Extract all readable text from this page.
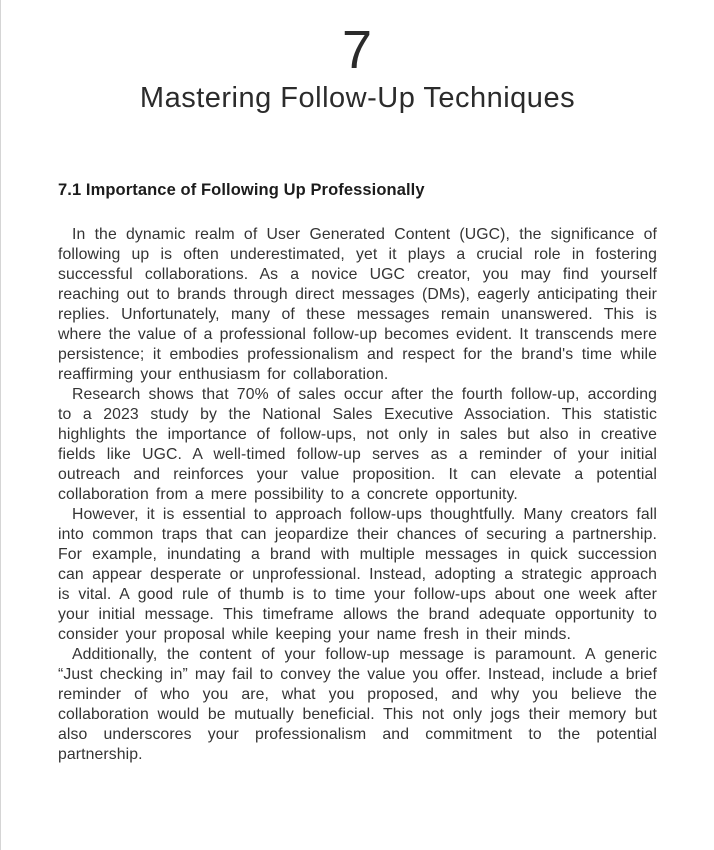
7
Mastering Follow-Up Techniques
7.1 Importance of Following Up Professionally

In the dynamic realm of User Generated Content (UGC), the significance of following up is often underestimated, yet it plays a crucial role in fostering successful collaborations. As a novice UGC creator, you may find yourself reaching out to brands through direct messages (DMs), eagerly anticipating their replies. Unfortunately, many of these messages remain unanswered. This is where the value of a professional follow-up becomes evident. It transcends mere persistence; it embodies professionalism and respect for the brand's time while reaffirming your enthusiasm for collaboration.

Research shows that 70% of sales occur after the fourth follow-up, according to a 2023 study by the National Sales Executive Association. This statistic highlights the importance of follow-ups, not only in sales but also in creative fields like UGC. A well-timed follow-up serves as a reminder of your initial outreach and reinforces your value proposition. It can elevate a potential collaboration from a mere possibility to a concrete opportunity.

However, it is essential to approach follow-ups thoughtfully. Many creators fall into common traps that can jeopardize their chances of securing a partnership. For example, inundating a brand with multiple messages in quick succession can appear desperate or unprofessional. Instead, adopting a strategic approach is vital. A good rule of thumb is to time your follow-ups about one week after your initial message. This timeframe allows the brand adequate opportunity to consider your proposal while keeping your name fresh in their minds.

Additionally, the content of your follow-up message is paramount. A generic “Just checking in” may fail to convey the value you offer. Instead, include a brief reminder of who you are, what you proposed, and why you believe the collaboration would be mutually beneficial. This not only jogs their memory but also underscores your professionalism and commitment to the potential partnership.
